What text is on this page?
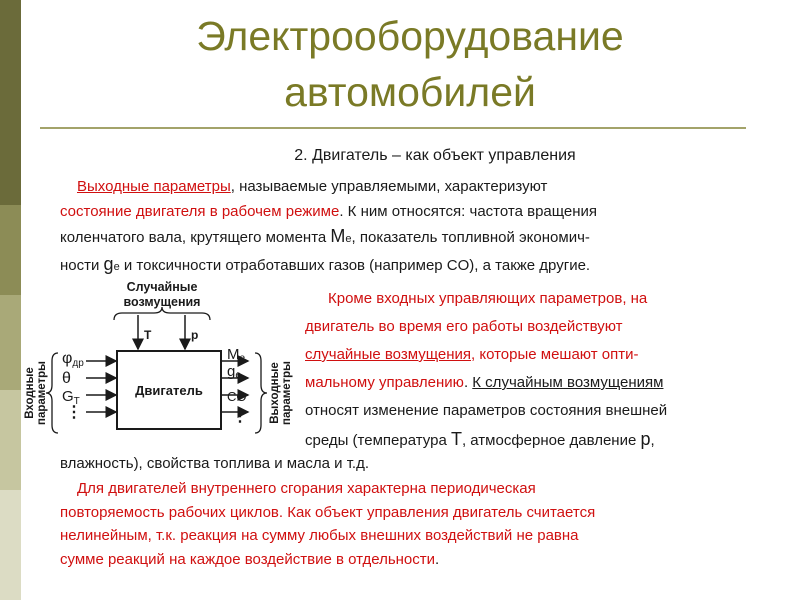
Электрооборудование
автомобилей
2. Двигатель – как объект управления
Выходные параметры, называемые управляемыми, характеризуют
состояние двигателя в рабочем режиме. К ним относятся: частота вращения
коленчатого вала, крутящего момента Me, показатель топливной экономич-
ности ge и токсичности отработавших газов (например CO), а также другие.
Кроме входных управляющих параметров, на
двигатель во время его работы воздействуют
случайные возмущения, которые мешают опти-
мальному управлению. К случайным возмущениям
относят изменение параметров состояния внешней
среды (температура T, атмосферное давление p,
влажность), свойства топлива и масла и т.д.
Для двигателей внутреннего сгорания характерна периодическая
повторяемость рабочих циклов. Как объект управления двигатель считается
нелинейным, т.к. реакция на сумму любых внешних воздействий не равна
сумме реакций на каждое воздействие в отдельности.
Случайные
возмущения
T	p
Двигатель
Входные параметры
φдр
θ
$G_T$
⋮
Me
ge
CO
⋮ Выходные параметры
